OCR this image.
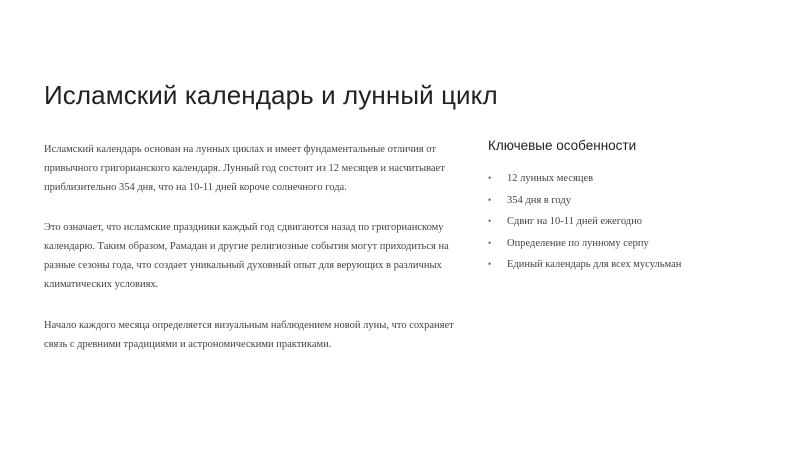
Исламский календарь и лунный цикл

Исламский календарь основан на лунных циклах и имеет фундаментальные отличия от привычного григорианского календаря. Лунный год состоит из 12 месяцев и насчитывает приблизительно 354 дня, что на 10-11 дней короче солнечного года.

Это означает, что исламские праздники каждый год сдвигаются назад по григорианскому календарю. Таким образом, Рамадан и другие религиозные события могут приходиться на разные сезоны года, что создает уникальный духовный опыт для верующих в различных климатических условиях.

Начало каждого месяца определяется визуальным наблюдением новой луны, что сохраняет связь с древними традициями и астрономическими практиками.

Ключевые особенности
• 12 лунных месяцев
• 354 дня в году
• Сдвиг на 10-11 дней ежегодно
• Определение по лунному серпу
• Единый календарь для всех мусульман
